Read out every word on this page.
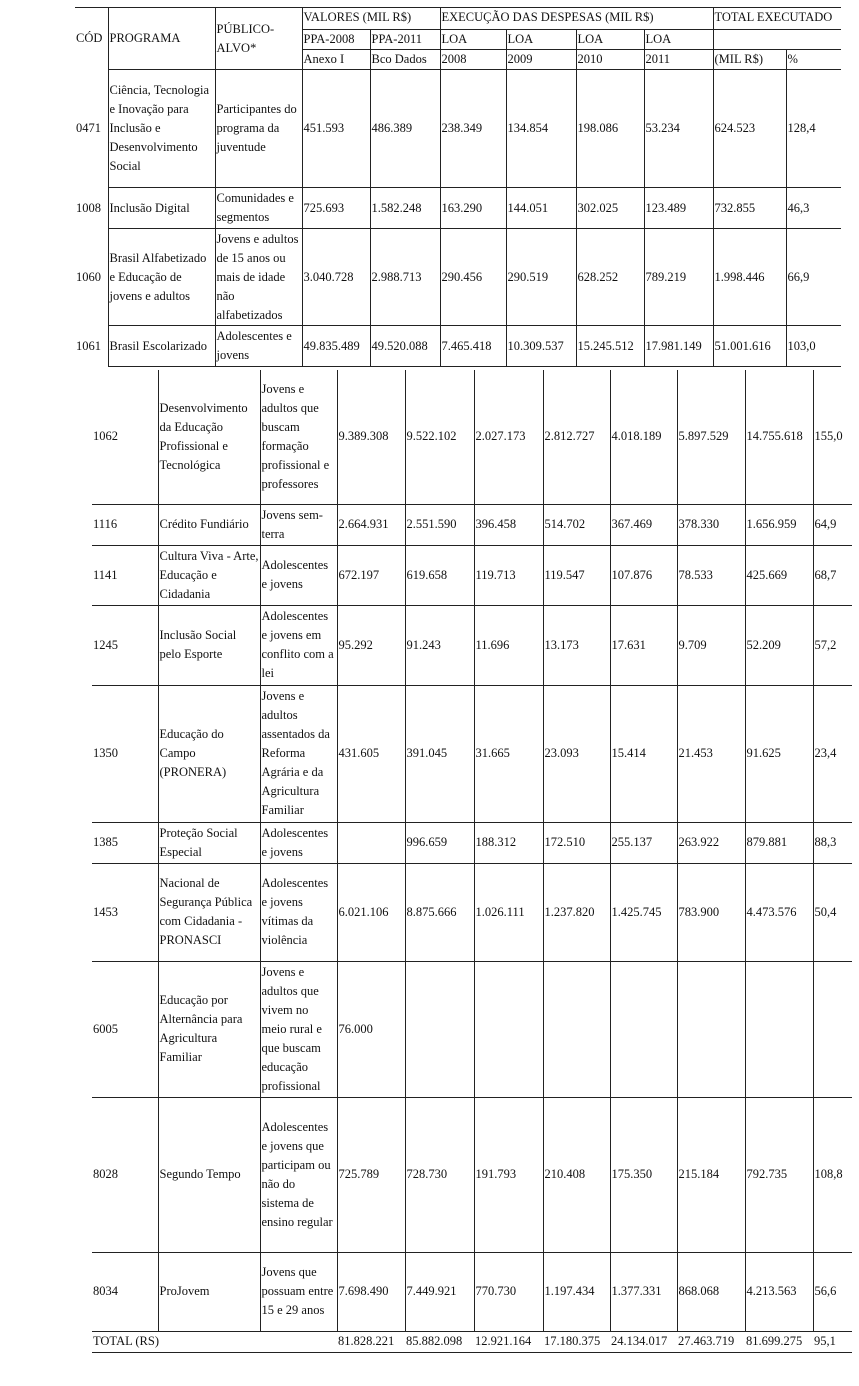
CÓD	PROGRAMA	PÚBLICO-ALVO*	VALORES (MIL R$)		EXECUÇÃO DAS DESPESAS (MIL R$)				TOTAL EXECUTADO	
			PPA-2008	PPA-2011	LOA	LOA	LOA	LOA		
			Anexo I	Bco Dados	2008	2009	2010	2011	(MIL R$)	%
0471	Ciência, Tecnologia e Inovação para Inclusão e Desenvolvimento Social	Participantes do programa da juventude	451.593	486.389	238.349	134.854	198.086	53.234	624.523	128,4
1008	Inclusão Digital	Comunidades e segmentos	725.693	1.582.248	163.290	144.051	302.025	123.489	732.855	46,3
1060	Brasil Alfabetizado e Educação de jovens e adultos	Jovens e adultos de 15 anos ou mais de idade não alfabetizados	3.040.728	2.988.713	290.456	290.519	628.252	789.219	1.998.446	66,9
1061	Brasil Escolarizado	Adolescentes e jovens	49.835.489	49.520.088	7.465.418	10.309.537	15.245.512	17.981.149	51.001.616	103,0
1062	Desenvolvimento da Educação Profissional e Tecnológica	Jovens e adultos que buscam formação profissional e professores	9.389.308	9.522.102	2.027.173	2.812.727	4.018.189	5.897.529	14.755.618	155,0
1116	Crédito Fundiário	Jovens sem-terra	2.664.931	2.551.590	396.458	514.702	367.469	378.330	1.656.959	64,9
1141	Cultura Viva - Arte, Educação e Cidadania	Adolescentes e jovens	672.197	619.658	119.713	119.547	107.876	78.533	425.669	68,7
1245	Inclusão Social pelo Esporte	Adolescentes e jovens em conflito com a lei	95.292	91.243	11.696	13.173	17.631	9.709	52.209	57,2
1350	Educação do Campo (PRONERA)	Jovens e adultos assentados da Reforma Agrária e da Agricultura Familiar	431.605	391.045	31.665	23.093	15.414	21.453	91.625	23,4
1385	Proteção Social Especial	Adolescentes e jovens		996.659	188.312	172.510	255.137	263.922	879.881	88,3
1453	Nacional de Segurança Pública com Cidadania - PRONASCI	Adolescentes e jovens vítimas da violência	6.021.106	8.875.666	1.026.111	1.237.820	1.425.745	783.900	4.473.576	50,4
6005	Educação por Alternância para Agricultura Familiar	Jovens e adultos que vivem no meio rural e que buscam educação profissional	76.000							
8028	Segundo Tempo	Adolescentes e jovens que participam ou não do sistema de ensino regular	725.789	728.730	191.793	210.408	175.350	215.184	792.735	108,8
8034	ProJovem	Jovens que possuam entre 15 e 29 anos	7.698.490	7.449.921	770.730	1.197.434	1.377.331	868.068	4.213.563	56,6
TOTAL (RS)			81.828.221	85.882.098	12.921.164	17.180.375	24.134.017	27.463.719	81.699.275	95,1
